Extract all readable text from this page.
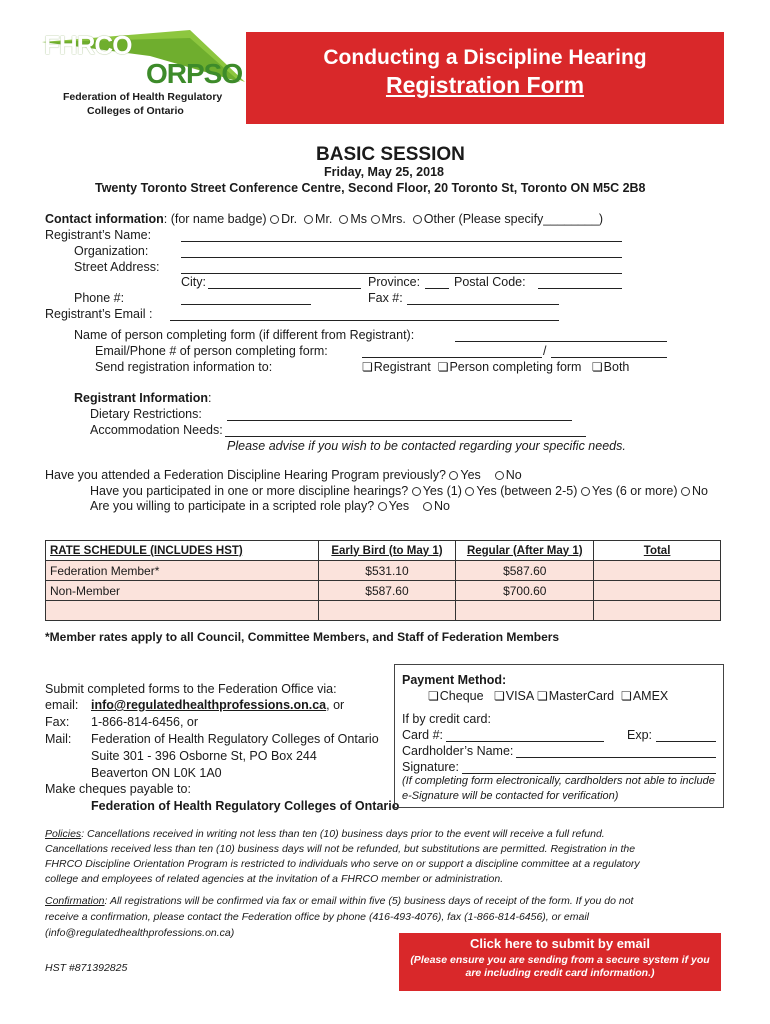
FHRCO
ORPSO
Federation of Health Regulatory
Colleges of Ontario
Conducting a Discipline Hearing
Registration Form
BASIC SESSION
Friday, May 25, 2018
Twenty Toronto Street Conference Centre, Second Floor, 20 Toronto St, Toronto ON M5C 2B8
Contact information: (for name badge) Dr. Mr. Ms Mrs. Other (Please specify________)
Registrant’s Name:
Organization:
Street Address:
City:	Province:	Postal Code:
Phone #:	Fax #:
Registrant’s Email :
Name of person completing form (if different from Registrant):
Email/Phone # of person completing form:	/
Send registration information to:	❏Registrant ❏Person completing form ❏Both
Registrant Information:
Dietary Restrictions:
Accommodation Needs:
Please advise if you wish to be contacted regarding your specific needs.
Have you attended a Federation Discipline Hearing Program previously? Yes No
Have you participated in one or more discipline hearings? Yes (1) Yes (between 2-5) Yes (6 or more) No
Are you willing to participate in a scripted role play? Yes No
RATE SCHEDULE (INCLUDES HST)	Early Bird (to May 1)	Regular (After May 1)	Total
Federation Member*	$531.10	$587.60	
Non-Member	$587.60	$700.60	

*Member rates apply to all Council, Committee Members, and Staff of Federation Members
Submit completed forms to the Federation Office via:
email: info@regulatedhealthprofessions.on.ca, or
Fax: 1-866-814-6456, or
Mail: Federation of Health Regulatory Colleges of Ontario
Suite 301 - 396 Osborne St, PO Box 244
Beaverton ON L0K 1A0
Make cheques payable to:
Federation of Health Regulatory Colleges of Ontario
Payment Method:
❏Cheque ❏VISA ❏MasterCard ❏AMEX
If by credit card:
Card #:	Exp:
Cardholder’s Name:
Signature:
(If completing form electronically, cardholders not able to include e-Signature will be contacted for verification)
Policies: Cancellations received in writing not less than ten (10) business days prior to the event will receive a full refund.
Cancellations received less than ten (10) business days will not be refunded, but substitutions are permitted. Registration in the
FHRCO Discipline Orientation Program is restricted to individuals who serve on or support a discipline committee at a regulatory
college and employees of related agencies at the invitation of a FHRCO member or administration.
Confirmation: All registrations will be confirmed via fax or email within five (5) business days of receipt of the form. If you do not
receive a confirmation, please contact the Federation office by phone (416-493-4076), fax (1-866-814-6456), or email
(info@regulatedhealthprofessions.on.ca)
HST #871392825
Click here to submit by email
(Please ensure you are sending from a secure system if you
are including credit card information.)
